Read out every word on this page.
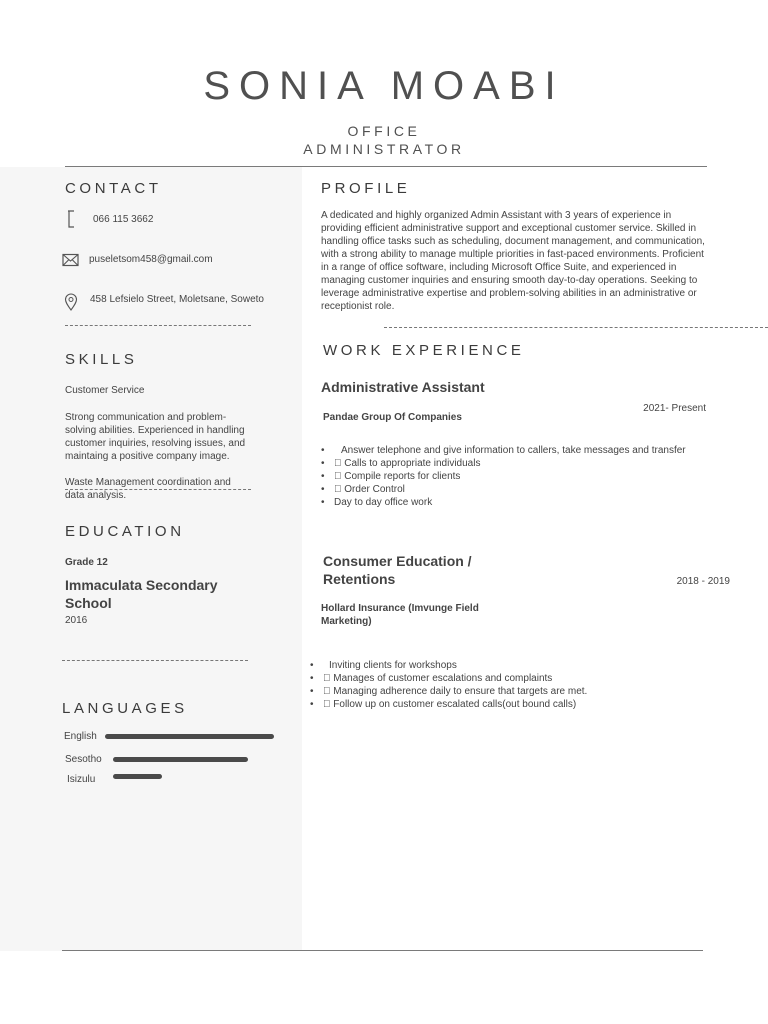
SONIA MOABI
OFFICE
ADMINISTRATOR
CONTACT
066 115 3662
puseletsom458@gmail.com
458 Lefsielo Street, Moletsane, Soweto
SKILLS
Customer Service
Strong communication and problem-solving abilities. Experienced in handling customer inquiries, resolving issues, and maintaing a positive company image.
Waste Management coordination and data analysis.
EDUCATION
Grade 12
Immaculata Secondary School
2016
LANGUAGES
English
Sesotho
Isizulu
PROFILE
A dedicated and highly organized Admin Assistant with 3 years of experience in providing efficient administrative support and exceptional customer service. Skilled in handling office tasks such as scheduling, document management, and communication, with a strong ability to manage multiple priorities in fast-paced environments. Proficient in a range of office software, including Microsoft Office Suite, and experienced in managing customer inquiries and ensuring smooth day-to-day operations. Seeking to leverage administrative expertise and problem-solving abilities in an administrative or receptionist role.
WORK EXPERIENCE
Administrative Assistant
2021- Present
Pandae Group Of Companies
• Answer telephone and give information to callers, take messages and transfer
• Calls to appropriate individuals
• Compile reports for clients
• Order Control
• Day to day office work
Consumer Education / Retentions	2018 - 2019
Hollard Insurance (Imvunge Field Marketing)
• Inviting clients for workshops
• Manages of customer escalations and complaints
• Managing adherence daily to ensure that targets are met.
• Follow up on customer escalated calls(out bound calls)
